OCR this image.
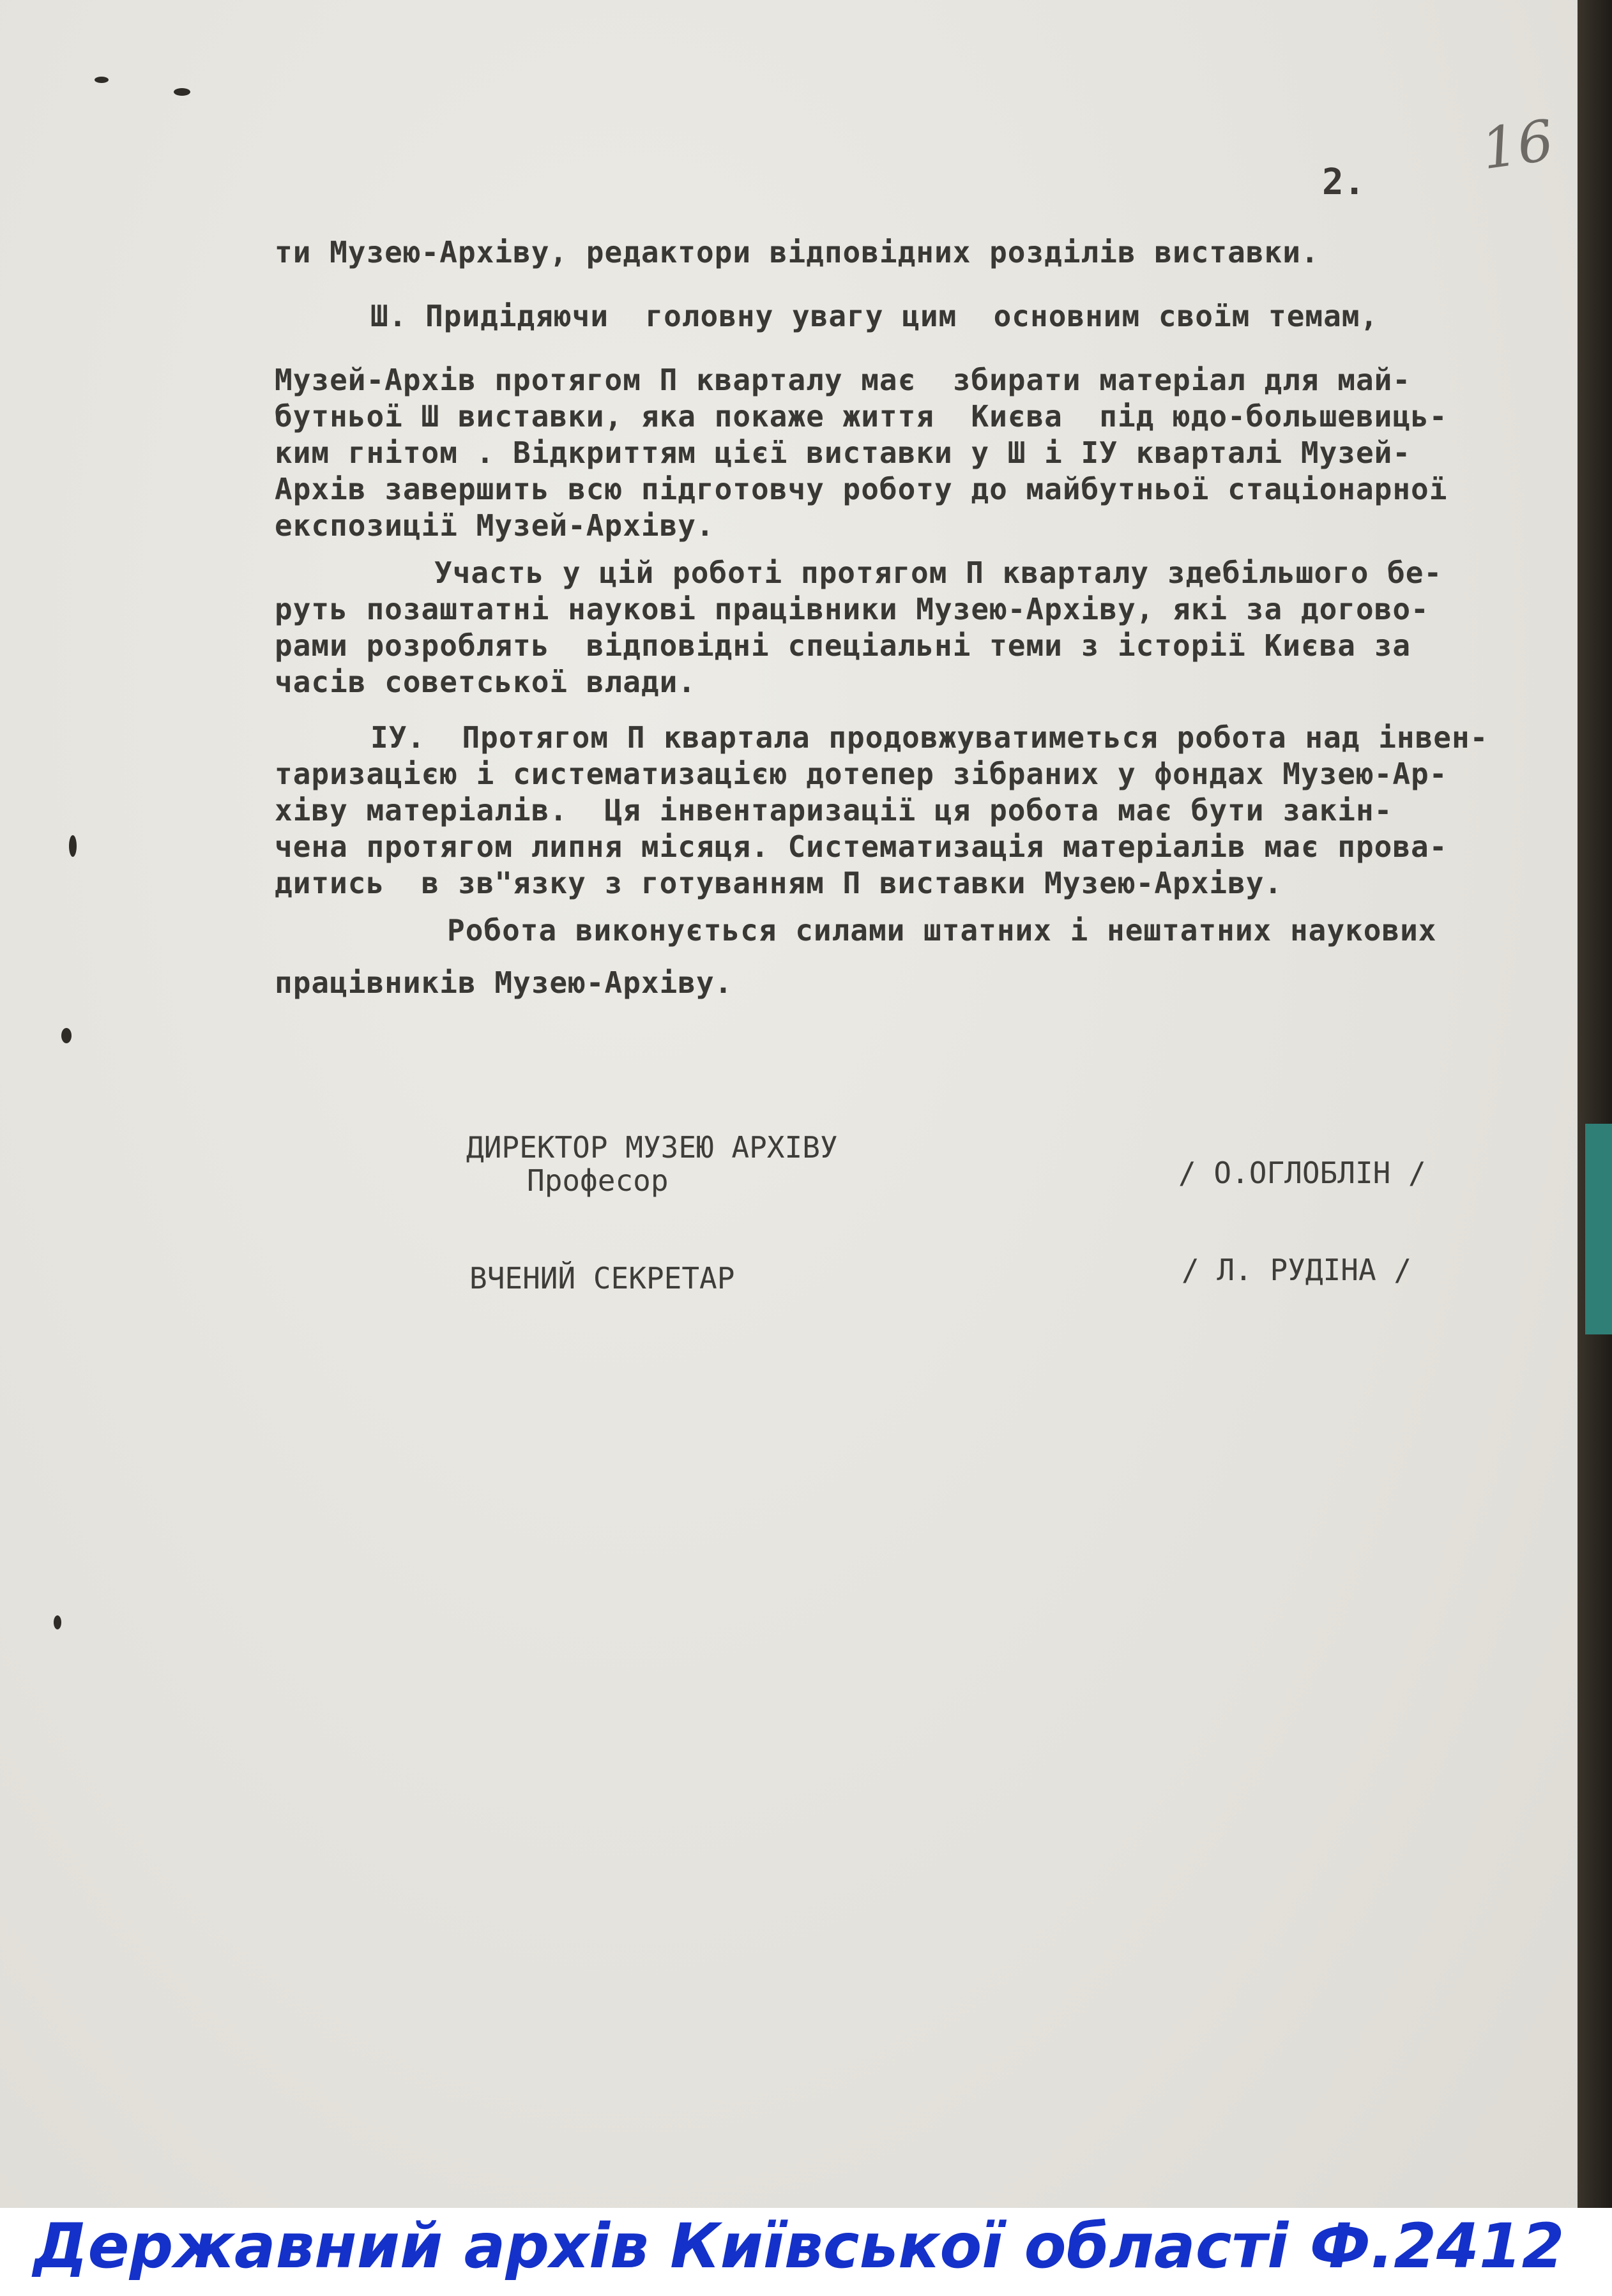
16
2.
ти Музею-Архіву, редактори відповідних розділів виставки.
Ш. Придідяючи  головну увагу цим  основним своїм темам,
Музей-Архів протягом П кварталу має  збирати матеріал для май-
бутньої Ш виставки, яка покаже життя  Києва  під юдо-большевиць-
ким гнітом . Відкриттям цієї виставки у Ш і ІУ кварталі Музей-
Архів завершить всю підготовчу роботу до майбутньої стаціонарної
експозиції Музей-Архіву.
Участь у цій роботі протягом П кварталу здебільшого бе-
руть позаштатні наукові працівники Музею-Архіву, які за догово-
рами розроблять  відповідні спеціальні теми з історії Києва за
часів советської влади.
ІУ.  Протягом П квартала продовжуватиметься робота над інвен-
таризацією і систематизацією дотепер зібраних у фондах Музею-Ар-
хіву матеріалів.  Ця інвентаризації ця робота має бути закін-
чена протягом липня місяця. Систематизація матеріалів має прова-
дитись  в зв"язку з готуванням П виставки Музею-Архіву.
Робота виконується силами штатних і нештатних наукових
працівників Музею-Архіву.
ДИРЕКТОР МУЗЕЮ АРХІВУ
Професор	/ О.ОГЛОБЛІН /
ВЧЕНИЙ СЕКРЕТАР	/ Л. РУДІНА /
Державний архів Київської області Ф.2412
